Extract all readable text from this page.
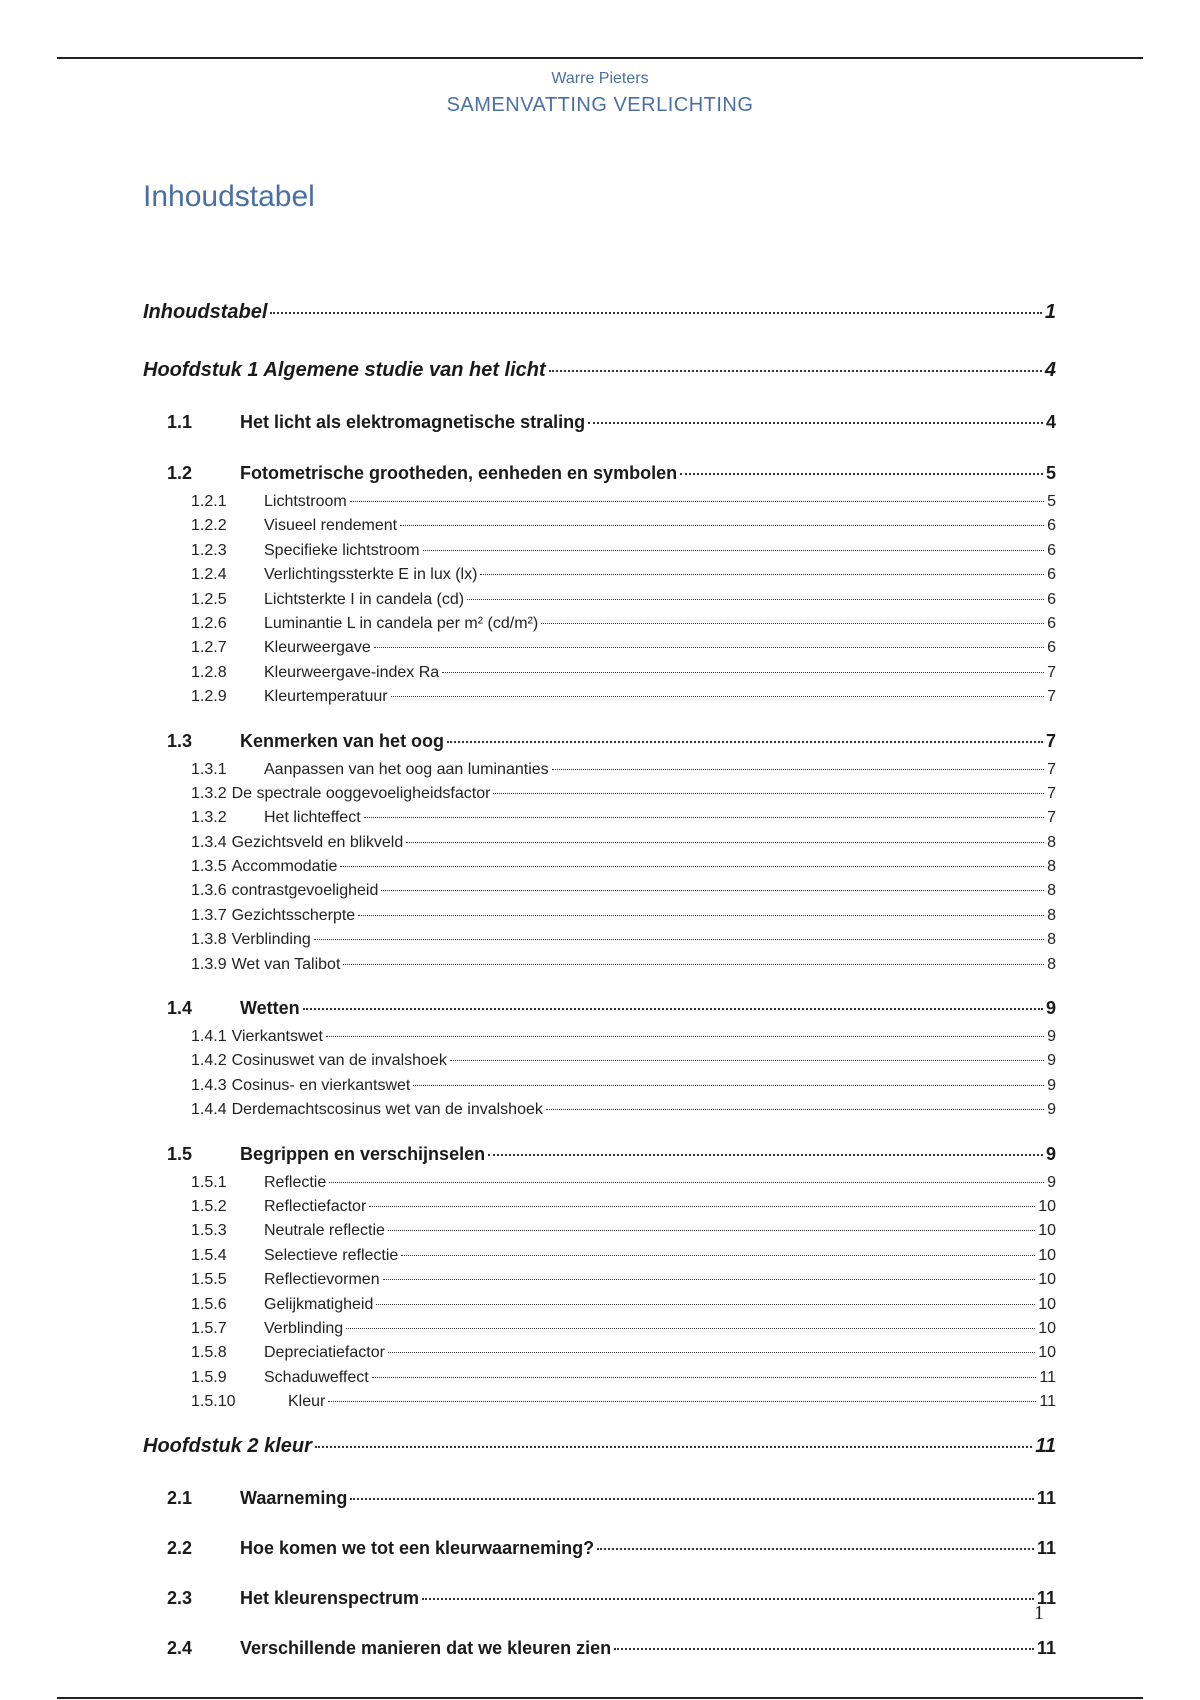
Warre Pieters
SAMENVATTING VERLICHTING
Inhoudstabel
Inhoudstabel	1
Hoofdstuk 1 Algemene studie van het licht	4
1.1	Het licht als elektromagnetische straling	4
1.2	Fotometrische grootheden, eenheden en symbolen	5
1.2.1	Lichtstroom	5
1.2.2	Visueel rendement	6
1.2.3	Specifieke lichtstroom	6
1.2.4	Verlichtingssterkte E in lux (lx)	6
1.2.5	Lichtsterkte I in candela (cd)	6
1.2.6	Luminantie L in candela per m² (cd/m²)	6
1.2.7	Kleurweergave	6
1.2.8	Kleurweergave-index Ra	7
1.2.9	Kleurtemperatuur	7
1.3	Kenmerken van het oog	7
1.3.1	Aanpassen van het oog aan luminanties	7
1.3.2 De spectrale ooggevoeligheidsfactor	7
1.3.2	Het lichteffect	7
1.3.4 Gezichtsveld en blikveld	8
1.3.5 Accommodatie	8
1.3.6 contrastgevoeligheid	8
1.3.7 Gezichtsscherpte	8
1.3.8 Verblinding	8
1.3.9 Wet van Talibot	8
1.4	Wetten	9
1.4.1 Vierkantswet	9
1.4.2 Cosinuswet van de invalshoek	9
1.4.3 Cosinus- en vierkantswet	9
1.4.4 Derdemachtscosinus wet van de invalshoek	9
1.5	Begrippen en verschijnselen	9
1.5.1	Reflectie	9
1.5.2	Reflectiefactor	10
1.5.3	Neutrale reflectie	10
1.5.4	Selectieve reflectie	10
1.5.5	Reflectievormen	10
1.5.6	Gelijkmatigheid	10
1.5.7	Verblinding	10
1.5.8	Depreciatiefactor	10
1.5.9	Schaduweffect	11
1.5.10	Kleur	11
Hoofdstuk 2 kleur	11
2.1	Waarneming	11
2.2	Hoe komen we tot een kleurwaarneming?	11
2.3	Het kleurenspectrum	11
2.4	Verschillende manieren dat we kleuren zien	11
1
